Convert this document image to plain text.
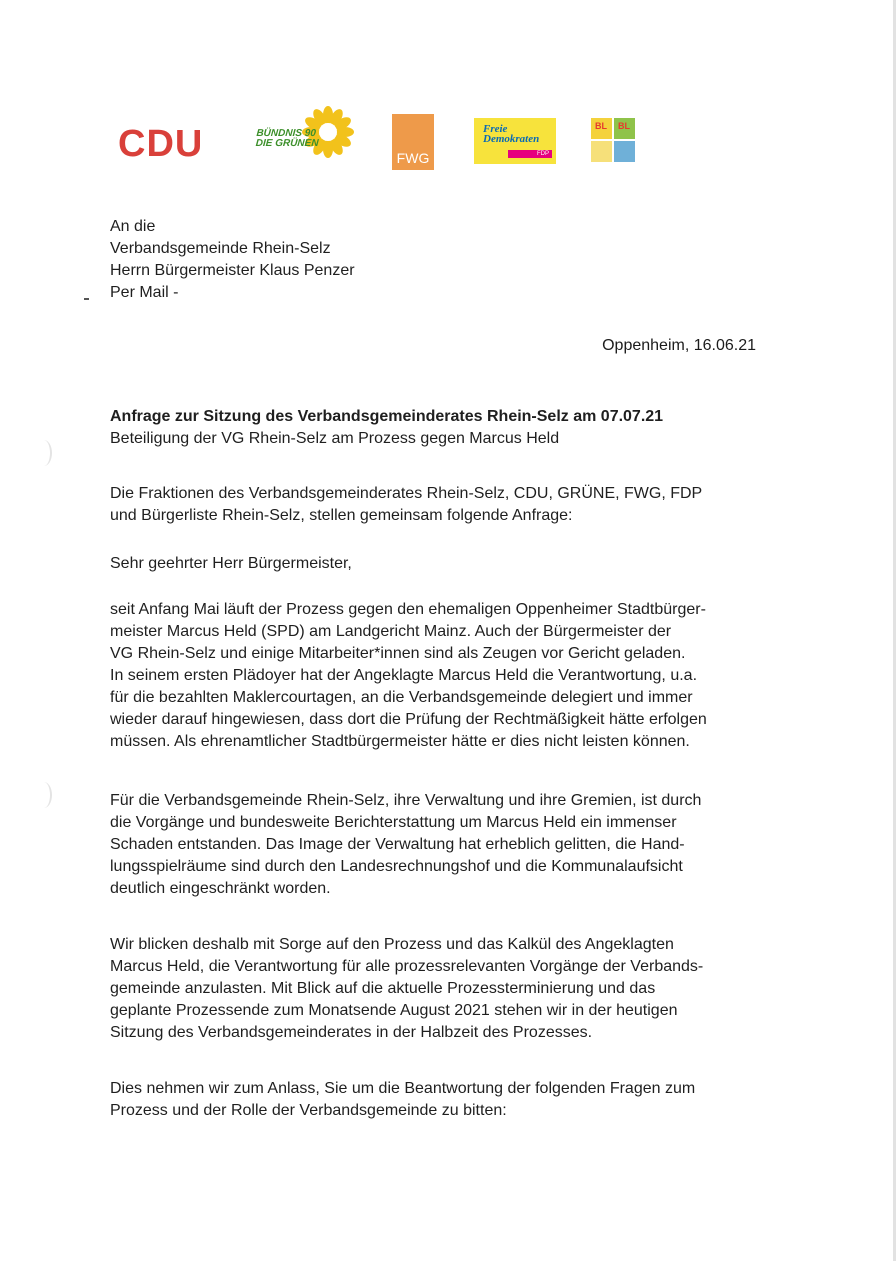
CDU	BÜNDNIS 90
DIE GRÜNEN
FWG
Freie
Demokraten
FDP
BL BL
An die
Verbandsgemeinde Rhein-Selz
Herrn Bürgermeister Klaus Penzer
Per Mail -
Oppenheim, 16.06.21
Anfrage zur Sitzung des Verbandsgemeinderates Rhein-Selz am 07.07.21
Beteiligung der VG Rhein-Selz am Prozess gegen Marcus Held
Die Fraktionen des Verbandsgemeinderates Rhein-Selz, CDU, GRÜNE, FWG, FDP
und Bürgerliste Rhein-Selz, stellen gemeinsam folgende Anfrage:
Sehr geehrter Herr Bürgermeister,
seit Anfang Mai läuft der Prozess gegen den ehemaligen Oppenheimer Stadtbürger-
meister Marcus Held (SPD) am Landgericht Mainz. Auch der Bürgermeister der
VG Rhein-Selz und einige Mitarbeiter*innen sind als Zeugen vor Gericht geladen.
In seinem ersten Plädoyer hat der Angeklagte Marcus Held die Verantwortung, u.a.
für die bezahlten Maklercourtagen, an die Verbandsgemeinde delegiert und immer
wieder darauf hingewiesen, dass dort die Prüfung der Rechtmäßigkeit hätte erfolgen
müssen. Als ehrenamtlicher Stadtbürgermeister hätte er dies nicht leisten können.
Für die Verbandsgemeinde Rhein-Selz, ihre Verwaltung und ihre Gremien, ist durch
die Vorgänge und bundesweite Berichterstattung um Marcus Held ein immenser
Schaden entstanden. Das Image der Verwaltung hat erheblich gelitten, die Hand-
lungsspielräume sind durch den Landesrechnungshof und die Kommunalaufsicht
deutlich eingeschränkt worden.
Wir blicken deshalb mit Sorge auf den Prozess und das Kalkül des Angeklagten
Marcus Held, die Verantwortung für alle prozessrelevanten Vorgänge der Verbands-
gemeinde anzulasten. Mit Blick auf die aktuelle Prozessterminierung und das
geplante Prozessende zum Monatsende August 2021 stehen wir in der heutigen
Sitzung des Verbandsgemeinderates in der Halbzeit des Prozesses.
Dies nehmen wir zum Anlass, Sie um die Beantwortung der folgenden Fragen zum
Prozess und der Rolle der Verbandsgemeinde zu bitten:
